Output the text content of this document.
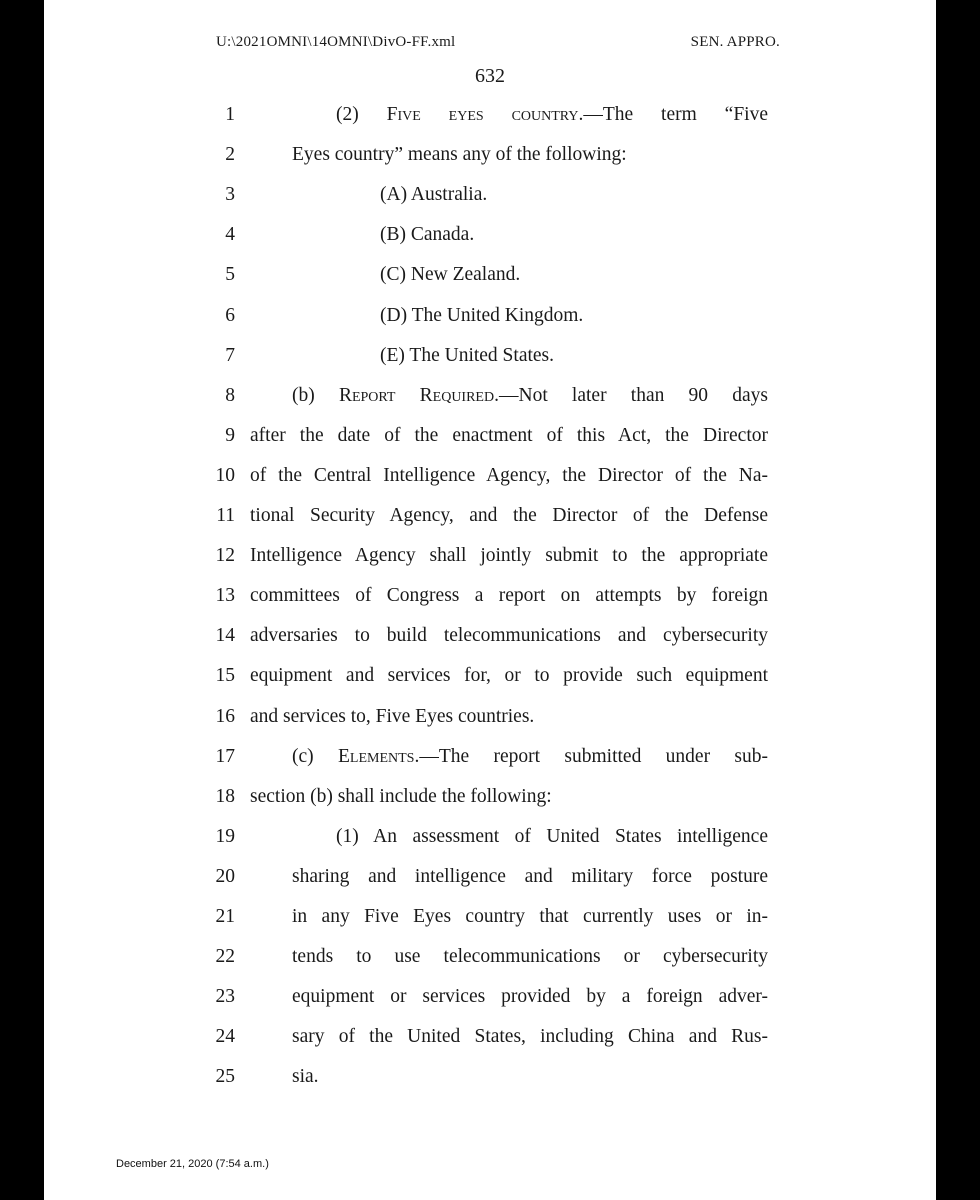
U:\2021OMNI\14OMNI\DivO-FF.xml	SEN. APPRO.
632
1	(2) Five eyes country.—The term “Five
2	Eyes country” means any of the following:
3	(A) Australia.
4	(B) Canada.
5	(C) New Zealand.
6	(D) The United Kingdom.
7	(E) The United States.
8	(b) Report Required.—Not later than 90 days
9 after the date of the enactment of this Act, the Director
10 of the Central Intelligence Agency, the Director of the Na-
11 tional Security Agency, and the Director of the Defense
12 Intelligence Agency shall jointly submit to the appropriate
13 committees of Congress a report on attempts by foreign
14 adversaries to build telecommunications and cybersecurity
15 equipment and services for, or to provide such equipment
16 and services to, Five Eyes countries.
17	(c) Elements.—The report submitted under sub-
18 section (b) shall include the following:
19	(1) An assessment of United States intelligence
20	sharing and intelligence and military force posture
21	in any Five Eyes country that currently uses or in-
22	tends to use telecommunications or cybersecurity
23	equipment or services provided by a foreign adver-
24	sary of the United States, including China and Rus-
25	sia.
December 21, 2020 (7:54 a.m.)
